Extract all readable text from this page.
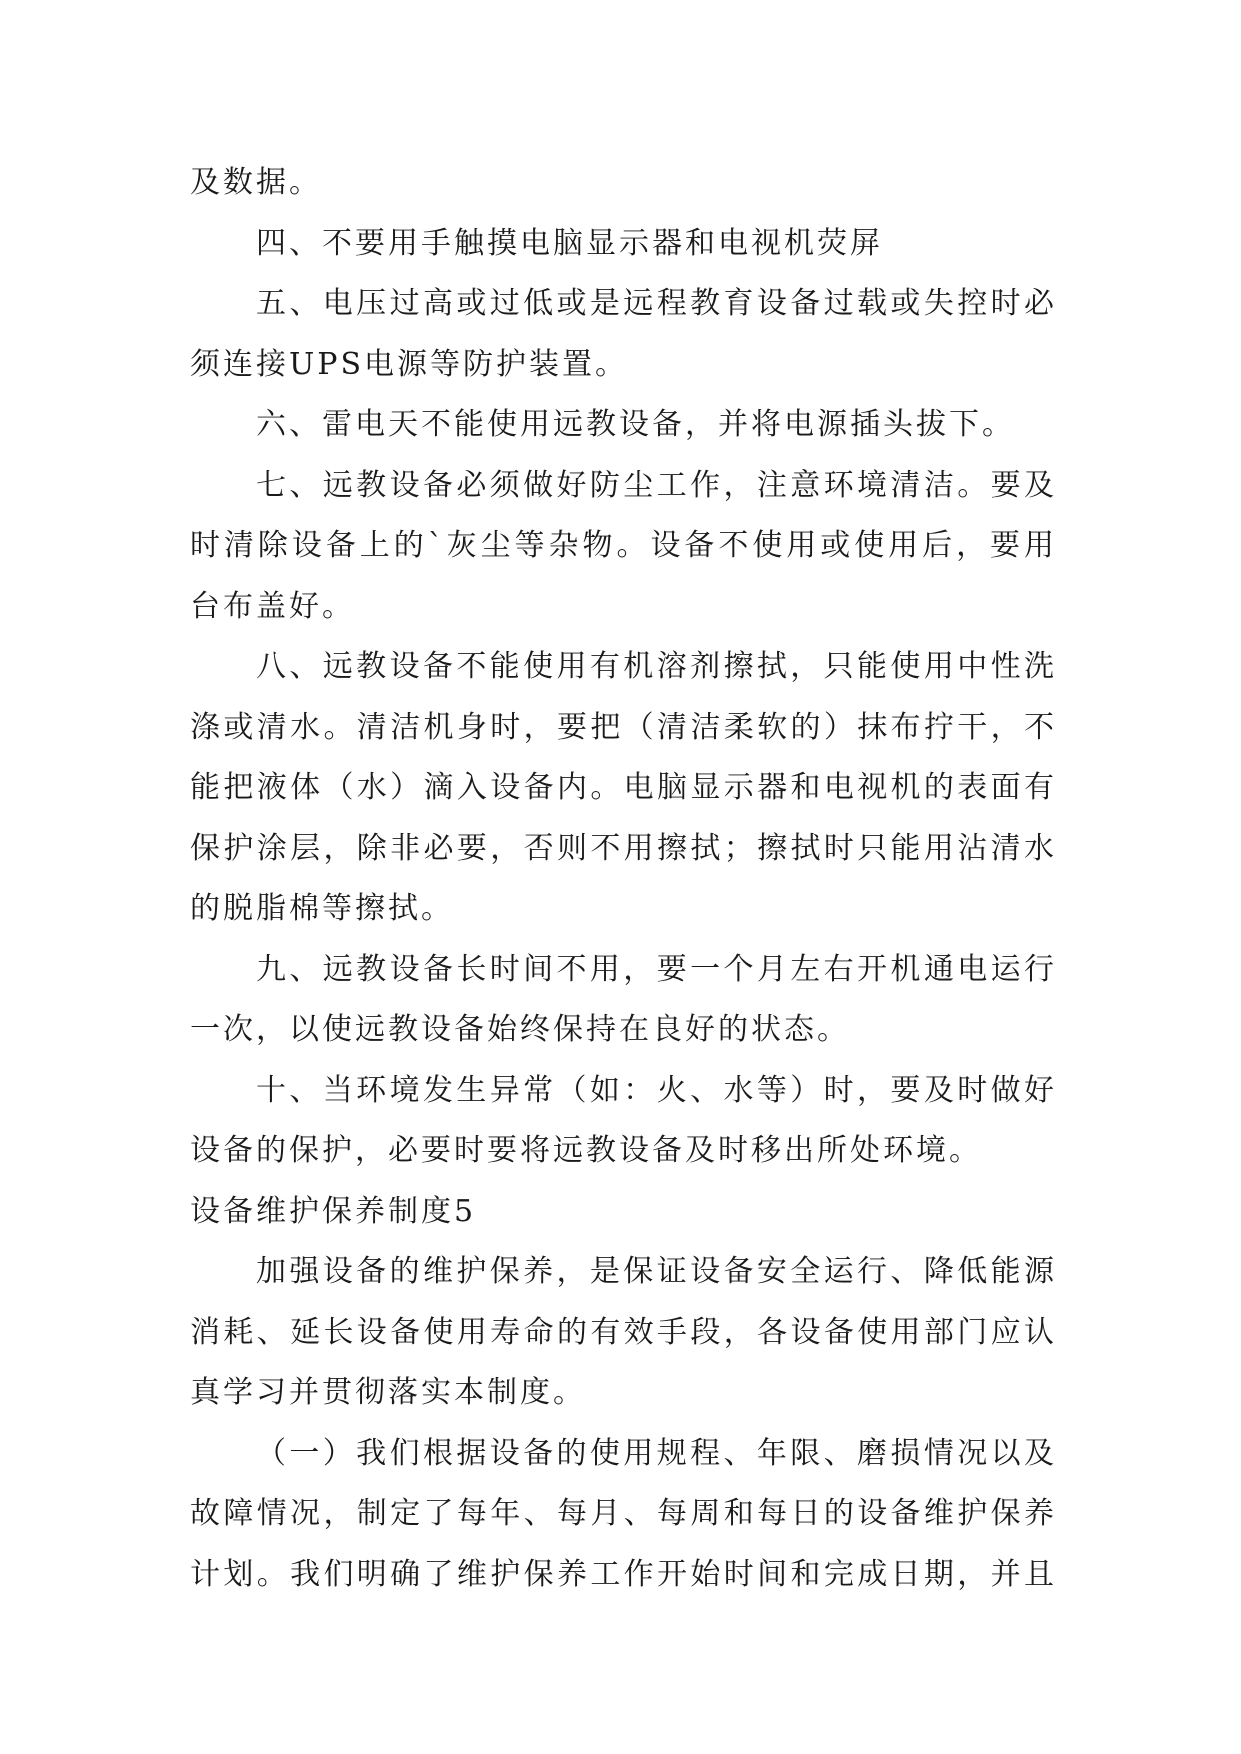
及数据。
四、不要用手触摸电脑显示器和电视机荧屏
五、电压过高或过低或是远程教育设备过载或失控时必
须连接UPS电源等防护装置。
六、雷电天不能使用远教设备，并将电源插头拔下。
七、远教设备必须做好防尘工作，注意环境清洁。要及
时清除设备上的`灰尘等杂物。设备不使用或使用后，要用
台布盖好。
八、远教设备不能使用有机溶剂擦拭，只能使用中性洗
涤或清水。清洁机身时，要把（清洁柔软的）抹布拧干，不
能把液体（水）滴入设备内。电脑显示器和电视机的表面有
保护涂层，除非必要，否则不用擦拭；擦拭时只能用沾清水
的脱脂棉等擦拭。
九、远教设备长时间不用，要一个月左右开机通电运行
一次，以使远教设备始终保持在良好的状态。
十、当环境发生异常（如：火、水等）时，要及时做好
设备的保护，必要时要将远教设备及时移出所处环境。
设备维护保养制度5
加强设备的维护保养，是保证设备安全运行、降低能源
消耗、延长设备使用寿命的有效手段，各设备使用部门应认
真学习并贯彻落实本制度。
（一）我们根据设备的使用规程、年限、磨损情况以及
故障情况，制定了每年、每月、每周和每日的设备维护保养
计划。我们明确了维护保养工作开始时间和完成日期，并且
